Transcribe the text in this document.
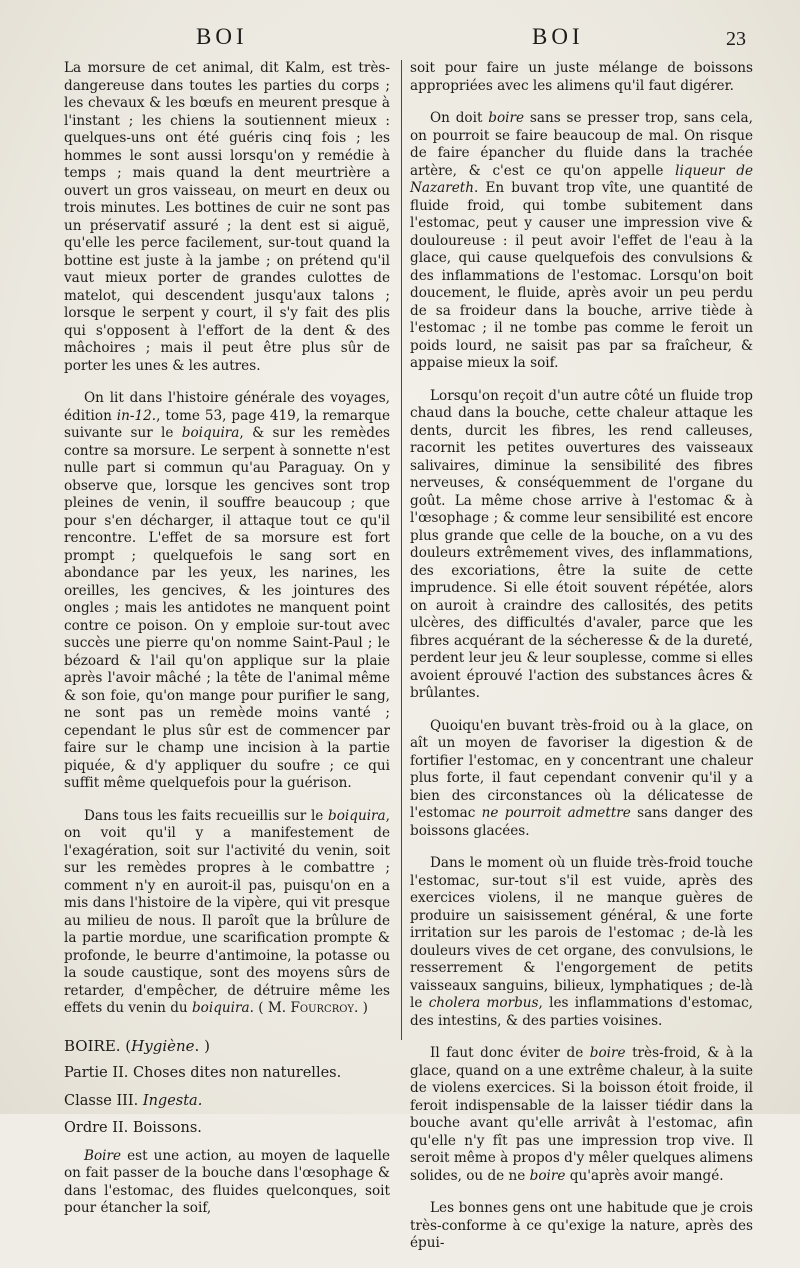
BOI	BOI	23

La morsure de cet animal, dit Kalm, est très-dangereuse dans toutes les parties du corps ; les chevaux & les bœufs en meurent presque à l'instant ; les chiens la soutiennent mieux : quelques-uns ont été guéris cinq fois ; les hommes le sont aussi lorsqu'on y remédie à temps ; mais quand la dent meurtrière a ouvert un gros vaisseau, on meurt en deux ou trois minutes. Les bottines de cuir ne sont pas un préservatif assuré ; la dent est si aiguë, qu'elle les perce facilement, sur-tout quand la bottine est juste à la jambe ; on prétend qu'il vaut mieux porter de grandes culottes de matelot, qui descendent jusqu'aux talons ; lorsque le serpent y court, il s'y fait des plis qui s'opposent à l'effort de la dent & des mâchoires ; mais il peut être plus sûr de porter les unes & les autres.

On lit dans l'histoire générale des voyages, édition in-12., tome 53, page 419, la remarque suivante sur le boiquira, & sur les remèdes contre sa morsure. Le serpent à sonnette n'est nulle part si commun qu'au Paraguay. On y observe que, lorsque les gencives sont trop pleines de venin, il souffre beaucoup ; que pour s'en décharger, il attaque tout ce qu'il rencontre. L'effet de sa morsure est fort prompt ; quelquefois le sang sort en abondance par les yeux, les narines, les oreilles, les gencives, & les jointures des ongles ; mais les antidotes ne manquent point contre ce poison. On y emploie sur-tout avec succès une pierre qu'on nomme Saint-Paul ; le bézoard & l'ail qu'on applique sur la plaie après l'avoir mâché ; la tête de l'animal même & son foie, qu'on mange pour purifier le sang, ne sont pas un remède moins vanté ; cependant le plus sûr est de commencer par faire sur le champ une incision à la partie piquée, & d'y appliquer du soufre ; ce qui suffit même quelquefois pour la guérison.

Dans tous les faits recueillis sur le boiquira, on voit qu'il y a manifestement de l'exagération, soit sur l'activité du venin, soit sur les remèdes propres à le combattre ; comment n'y en auroit-il pas, puisqu'on en a mis dans l'histoire de la vipère, qui vit presque au milieu de nous. Il paroît que la brûlure de la partie mordue, une scarification prompte & profonde, le beurre d'antimoine, la potasse ou la soude caustique, sont des moyens sûrs de retarder, d'empêcher, de détruire même les effets du venin du boiquira. ( M. Fourcroy. )

BOIRE. (Hygiène. )
Partie II. Choses dites non naturelles.
Classe III. Ingesta.
Ordre II. Boissons.

Boire est une action, au moyen de laquelle on fait passer de la bouche dans l'œsophage & dans l'estomac, des fluides quelconques, soit pour étancher la soif,

soit pour faire un juste mélange de boissons appropriées avec les alimens qu'il faut digérer.

On doit boire sans se presser trop, sans cela, on pourroit se faire beaucoup de mal. On risque de faire épancher du fluide dans la trachée artère, & c'est ce qu'on appelle liqueur de Nazareth. En buvant trop vîte, une quantité de fluide froid, qui tombe subitement dans l'estomac, peut y causer une impression vive & douloureuse : il peut avoir l'effet de l'eau à la glace, qui cause quelquefois des convulsions & des inflammations de l'estomac. Lorsqu'on boit doucement, le fluide, après avoir un peu perdu de sa froideur dans la bouche, arrive tiède à l'estomac ; il ne tombe pas comme le feroit un poids lourd, ne saisit pas par sa fraîcheur, & appaise mieux la soif.

Lorsqu'on reçoit d'un autre côté un fluide trop chaud dans la bouche, cette chaleur attaque les dents, durcit les fibres, les rend calleuses, racornit les petites ouvertures des vaisseaux salivaires, diminue la sensibilité des fibres nerveuses, & conséquemment de l'organe du goût. La même chose arrive à l'estomac & à l'œsophage ; & comme leur sensibilité est encore plus grande que celle de la bouche, on a vu des douleurs extrêmement vives, des inflammations, des excoriations, être la suite de cette imprudence. Si elle étoit souvent répétée, alors on auroit à craindre des callosités, des petits ulcères, des difficultés d'avaler, parce que les fibres acquérant de la sécheresse & de la dureté, perdent leur jeu & leur souplesse, comme si elles avoient éprouvé l'action des substances âcres & brûlantes.

Quoiqu'en buvant très-froid ou à la glace, on aît un moyen de favoriser la digestion & de fortifier l'estomac, en y concentrant une chaleur plus forte, il faut cependant convenir qu'il y a bien des circonstances où la délicatesse de l'estomac ne pourroit admettre sans danger des boissons glacées.

Dans le moment où un fluide très-froid touche l'estomac, sur-tout s'il est vuide, après des exercices violens, il ne manque guères de produire un saisissement général, & une forte irritation sur les parois de l'estomac ; de-là les douleurs vives de cet organe, des convulsions, le resserrement & l'engorgement de petits vaisseaux sanguins, bilieux, lymphatiques ; de-là le cholera morbus, les inflammations d'estomac, des intestins, & des parties voisines.

Il faut donc éviter de boire très-froid, & à la glace, quand on a une extrême chaleur, à la suite de violens exercices. Si la boisson étoit froide, il feroit indispensable de la laisser tiédir dans la bouche avant qu'elle arrivât à l'estomac, afin qu'elle n'y fît pas une impression trop vive. Il seroit même à propos d'y mêler quelques alimens solides, ou de ne boire qu'après avoir mangé.

Les bonnes gens ont une habitude que je crois très-conforme à ce qu'exige la nature, après des épui-
